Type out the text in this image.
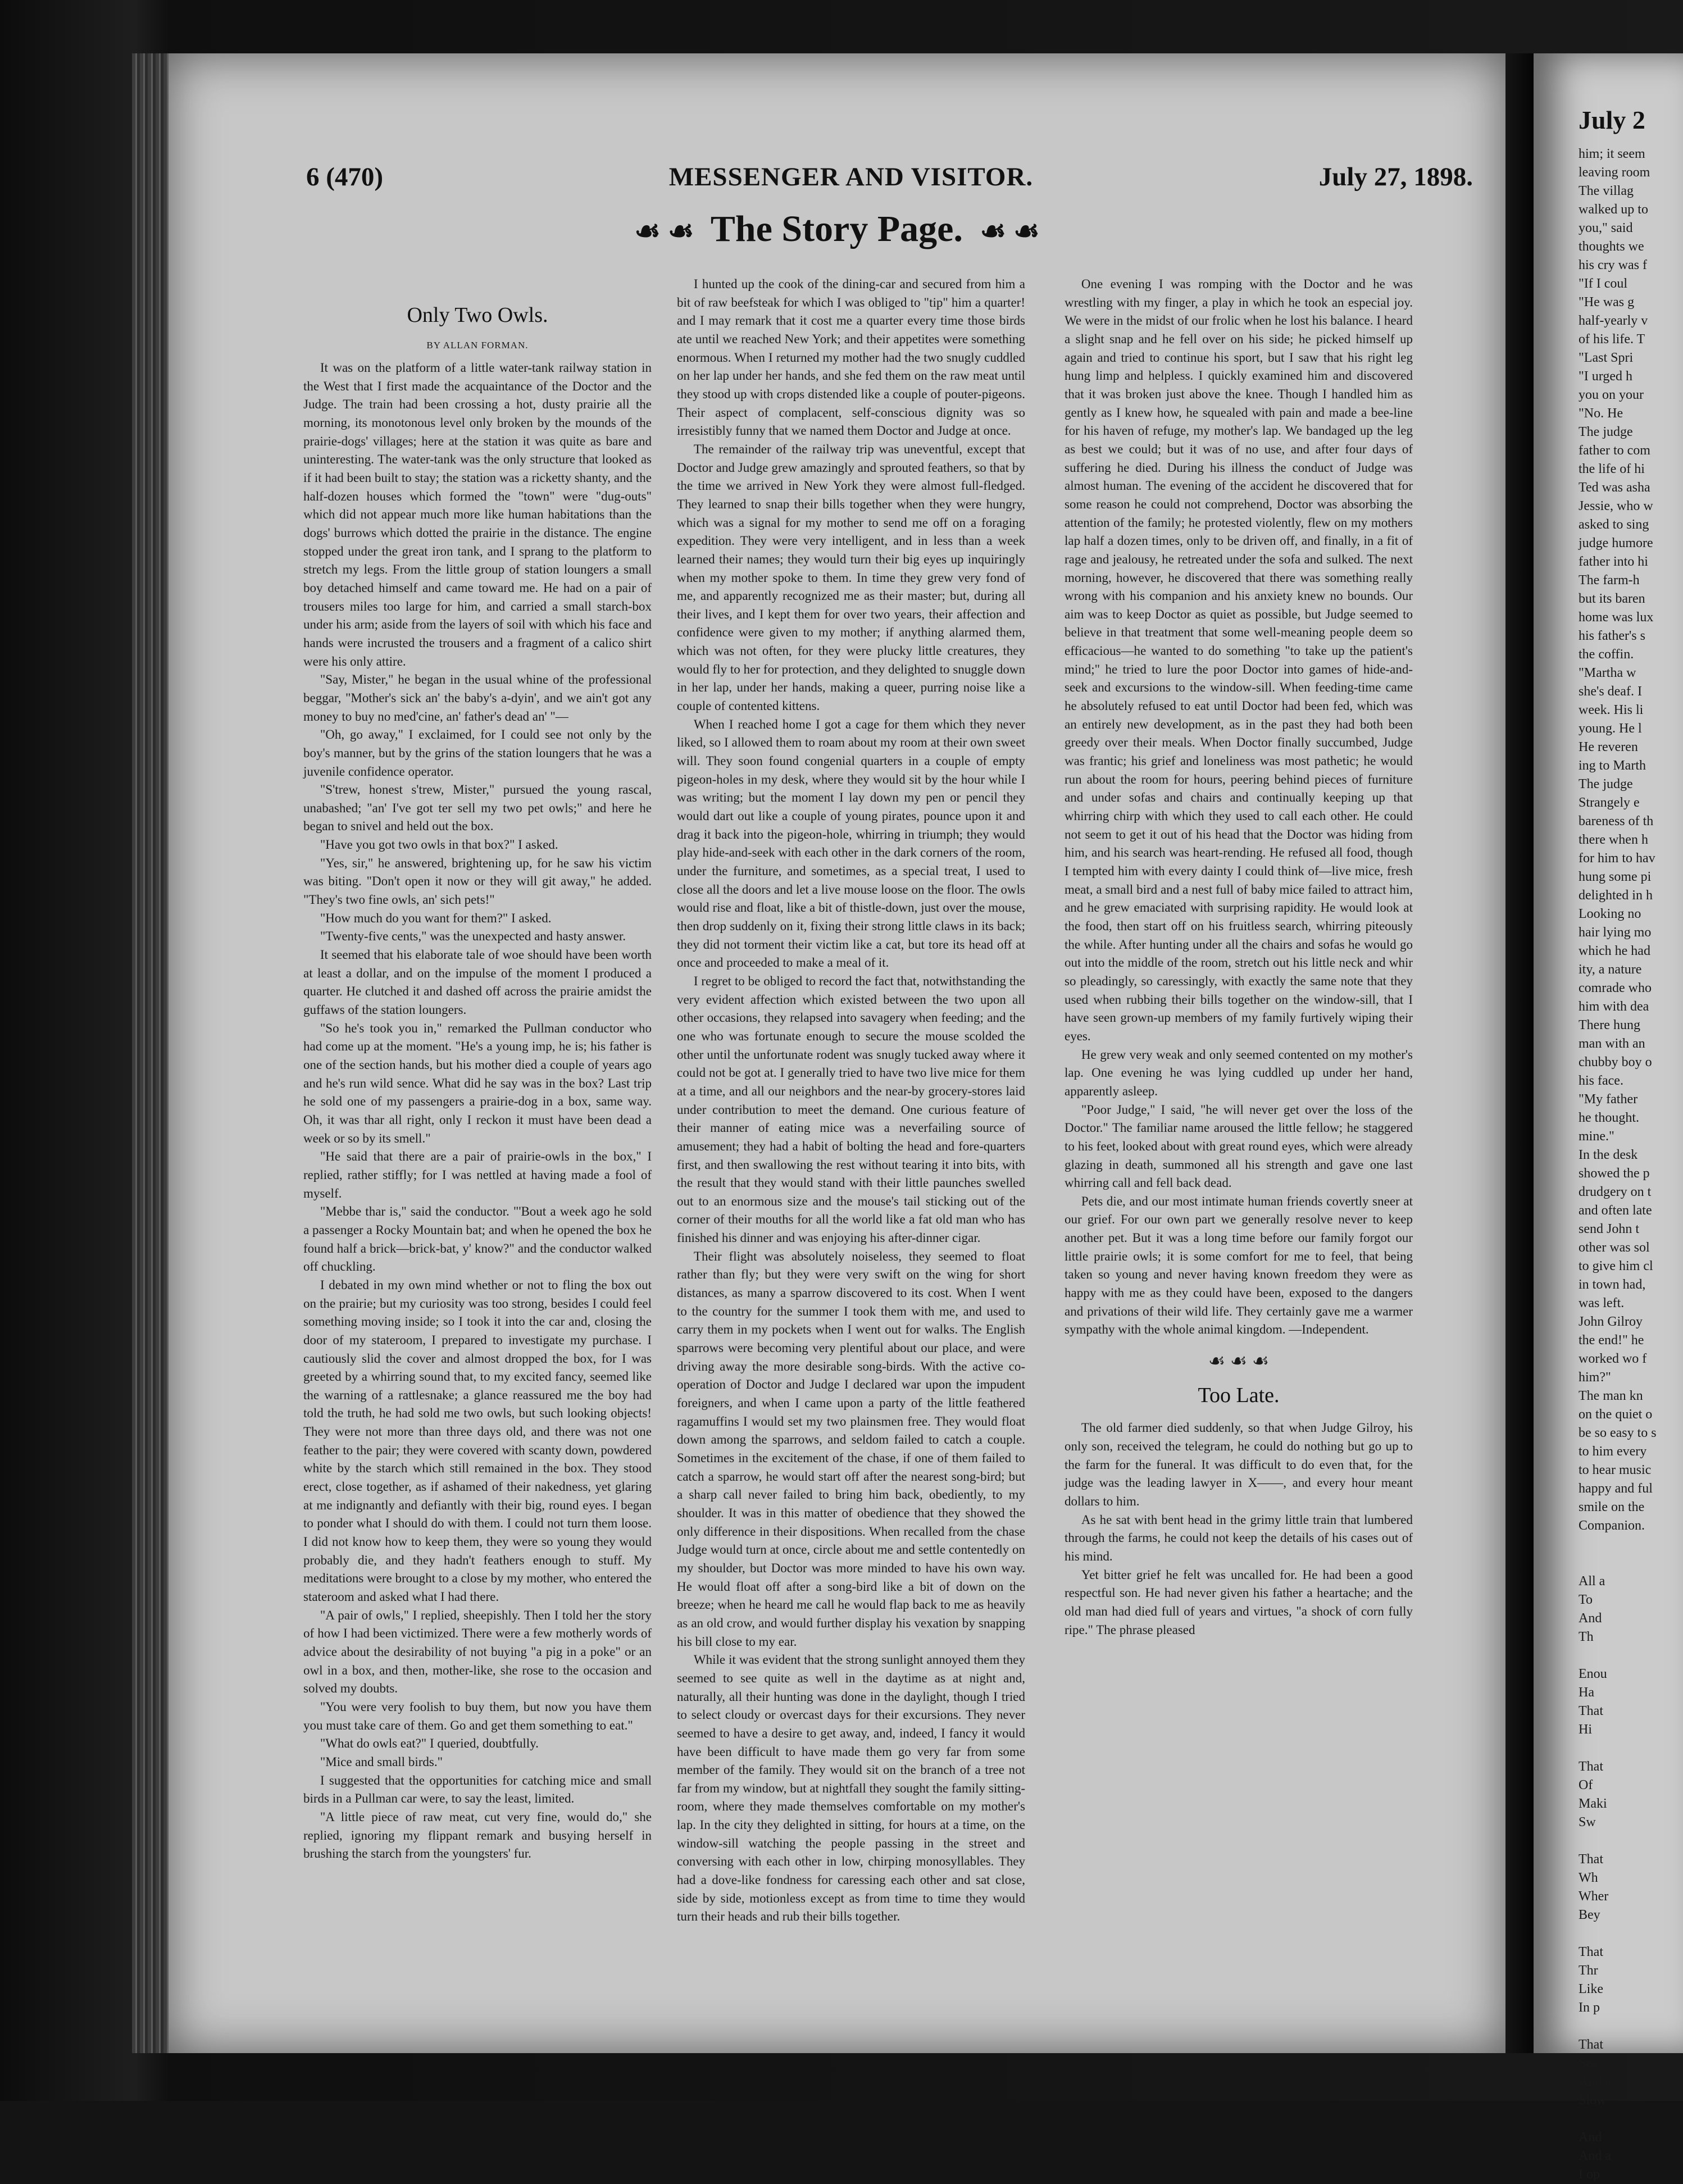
6 (470)	MESSENGER AND VISITOR.	July 27, 1898.
☙ ☙ The Story Page. ☙ ☙
Only Two Owls.
BY ALLAN FORMAN.

It was on the platform of a little water-tank railway station in the West that I first made the acquaintance of the Doctor and the Judge. The train had been crossing a hot, dusty prairie all the morning, its monotonous level only broken by the mounds of the prairie-dogs' villages; here at the station it was quite as bare and uninteresting. The water-tank was the only structure that looked as if it had been built to stay; the station was a ricketty shanty, and the half-dozen houses which formed the "town" were "dug-outs" which did not appear much more like human habitations than the dogs' burrows which dotted the prairie in the distance. The engine stopped under the great iron tank, and I sprang to the platform to stretch my legs. From the little group of station loungers a small boy detached himself and came toward me. He had on a pair of trousers miles too large for him, and carried a small starch-box under his arm; aside from the layers of soil with which his face and hands were incrusted the trousers and a fragment of a calico shirt were his only attire.

"Say, Mister," he began in the usual whine of the professional beggar, "Mother's sick an' the baby's a-dyin', and we ain't got any money to buy no med'cine, an' father's dead an' "—

"Oh, go away," I exclaimed, for I could see not only by the boy's manner, but by the grins of the station loungers that he was a juvenile confidence operator.

"S'trew, honest s'trew, Mister," pursued the young rascal, unabashed; "an' I've got ter sell my two pet owls;" and here he began to snivel and held out the box.

"Have you got two owls in that box?" I asked.

"Yes, sir," he answered, brightening up, for he saw his victim was biting. "Don't open it now or they will git away," he added. "They's two fine owls, an' sich pets!"

"How much do you want for them?" I asked.

"Twenty-five cents," was the unexpected and hasty answer.

It seemed that his elaborate tale of woe should have been worth at least a dollar, and on the impulse of the moment I produced a quarter. He clutched it and dashed off across the prairie amidst the guffaws of the station loungers.

"So he's took you in," remarked the Pullman conductor who had come up at the moment. "He's a young imp, he is; his father is one of the section hands, but his mother died a couple of years ago and he's run wild sence. What did he say was in the box? Last trip he sold one of my passengers a prairie-dog in a box, same way. Oh, it was thar all right, only I reckon it must have been dead a week or so by its smell."

"He said that there are a pair of prairie-owls in the box," I replied, rather stiffly; for I was nettled at having made a fool of myself.

"Mebbe thar is," said the conductor. "'Bout a week ago he sold a passenger a Rocky Mountain bat; and when he opened the box he found half a brick—brick-bat, y' know?" and the conductor walked off chuckling.

I debated in my own mind whether or not to fling the box out on the prairie; but my curiosity was too strong, besides I could feel something moving inside; so I took it into the car and, closing the door of my stateroom, I prepared to investigate my purchase. I cautiously slid the cover and almost dropped the box, for I was greeted by a whirring sound that, to my excited fancy, seemed like the warning of a rattlesnake; a glance reassured me the boy had told the truth, he had sold me two owls, but such looking objects! They were not more than three days old, and there was not one feather to the pair; they were covered with scanty down, powdered white by the starch which still remained in the box. They stood erect, close together, as if ashamed of their nakedness, yet glaring at me indignantly and defiantly with their big, round eyes. I began to ponder what I should do with them. I could not turn them loose. I did not know how to keep them, they were so young they would probably die, and they hadn't feathers enough to stuff. My meditations were brought to a close by my mother, who entered the stateroom and asked what I had there.

"A pair of owls," I replied, sheepishly. Then I told her the story of how I had been victimized. There were a few motherly words of advice about the desirability of not buying "a pig in a poke" or an owl in a box, and then, mother-like, she rose to the occasion and solved my doubts.

"You were very foolish to buy them, but now you have them you must take care of them. Go and get them something to eat."

"What do owls eat?" I queried, doubtfully.

"Mice and small birds."

I suggested that the opportunities for catching mice and small birds in a Pullman car were, to say the least, limited.

"A little piece of raw meat, cut very fine, would do," she replied, ignoring my flippant remark and busying herself in brushing the starch from the youngsters' fur.

I hunted up the cook of the dining-car and secured from him a bit of raw beefsteak for which I was obliged to "tip" him a quarter! and I may remark that it cost me a quarter every time those birds ate until we reached New York; and their appetites were something enormous. When I returned my mother had the two snugly cuddled on her lap under her hands, and she fed them on the raw meat until they stood up with crops distended like a couple of pouter-pigeons. Their aspect of complacent, self-conscious dignity was so irresistibly funny that we named them Doctor and Judge at once.

The remainder of the railway trip was uneventful, except that Doctor and Judge grew amazingly and sprouted feathers, so that by the time we arrived in New York they were almost full-fledged. They learned to snap their bills together when they were hungry, which was a signal for my mother to send me off on a foraging expedition. They were very intelligent, and in less than a week learned their names; they would turn their big eyes up inquiringly when my mother spoke to them. In time they grew very fond of me, and apparently recognized me as their master; but, during all their lives, and I kept them for over two years, their affection and confidence were given to my mother; if anything alarmed them, which was not often, for they were plucky little creatures, they would fly to her for protection, and they delighted to snuggle down in her lap, under her hands, making a queer, purring noise like a couple of contented kittens.

When I reached home I got a cage for them which they never liked, so I allowed them to roam about my room at their own sweet will. They soon found congenial quarters in a couple of empty pigeon-holes in my desk, where they would sit by the hour while I was writing; but the moment I lay down my pen or pencil they would dart out like a couple of young pirates, pounce upon it and drag it back into the pigeon-hole, whirring in triumph; they would play hide-and-seek with each other in the dark corners of the room, under the furniture, and sometimes, as a special treat, I used to close all the doors and let a live mouse loose on the floor. The owls would rise and float, like a bit of thistle-down, just over the mouse, then drop suddenly on it, fixing their strong little claws in its back; they did not torment their victim like a cat, but tore its head off at once and proceeded to make a meal of it.

I regret to be obliged to record the fact that, notwithstanding the very evident affection which existed between the two upon all other occasions, they relapsed into savagery when feeding; and the one who was fortunate enough to secure the mouse scolded the other until the unfortunate rodent was snugly tucked away where it could not be got at. I generally tried to have two live mice for them at a time, and all our neighbors and the near-by grocery-stores laid under contribution to meet the demand. One curious feature of their manner of eating mice was a neverfailing source of amusement; they had a habit of bolting the head and fore-quarters first, and then swallowing the rest without tearing it into bits, with the result that they would stand with their little paunches swelled out to an enormous size and the mouse's tail sticking out of the corner of their mouths for all the world like a fat old man who has finished his dinner and was enjoying his after-dinner cigar.

Their flight was absolutely noiseless, they seemed to float rather than fly; but they were very swift on the wing for short distances, as many a sparrow discovered to its cost. When I went to the country for the summer I took them with me, and used to carry them in my pockets when I went out for walks. The English sparrows were becoming very plentiful about our place, and were driving away the more desirable song-birds. With the active co-operation of Doctor and Judge I declared war upon the impudent foreigners, and when I came upon a party of the little feathered ragamuffins I would set my two plainsmen free. They would float down among the sparrows, and seldom failed to catch a couple. Sometimes in the excitement of the chase, if one of them failed to catch a sparrow, he would start off after the nearest song-bird; but a sharp call never failed to bring him back, obediently, to my shoulder. It was in this matter of obedience that they showed the only difference in their dispositions. When recalled from the chase Judge would turn at once, circle about me and settle contentedly on my shoulder, but Doctor was more minded to have his own way. He would float off after a song-bird like a bit of down on the breeze; when he heard me call he would flap back to me as heavily as an old crow, and would further display his vexation by snapping his bill close to my ear.

While it was evident that the strong sunlight annoyed them they seemed to see quite as well in the daytime as at night and, naturally, all their hunting was done in the daylight, though I tried to select cloudy or overcast days for their excursions. They never seemed to have a desire to get away, and, indeed, I fancy it would have been difficult to have made them go very far from some member of the family. They would sit on the branch of a tree not far from my window, but at nightfall they sought the family sitting-room, where they made themselves comfortable on my mother's lap. In the city they delighted in sitting, for hours at a time, on the window-sill watching the people passing in the street and conversing with each other in low, chirping monosyllables. They had a dove-like fondness for caressing each other and sat close, side by side, motionless except as from time to time they would turn their heads and rub their bills together.

One evening I was romping with the Doctor and he was wrestling with my finger, a play in which he took an especial joy. We were in the midst of our frolic when he lost his balance. I heard a slight snap and he fell over on his side; he picked himself up again and tried to continue his sport, but I saw that his right leg hung limp and helpless. I quickly examined him and discovered that it was broken just above the knee. Though I handled him as gently as I knew how, he squealed with pain and made a bee-line for his haven of refuge, my mother's lap. We bandaged up the leg as best we could; but it was of no use, and after four days of suffering he died. During his illness the conduct of Judge was almost human. The evening of the accident he discovered that for some reason he could not comprehend, Doctor was absorbing the attention of the family; he protested violently, flew on my mothers lap half a dozen times, only to be driven off, and finally, in a fit of rage and jealousy, he retreated under the sofa and sulked. The next morning, however, he discovered that there was something really wrong with his companion and his anxiety knew no bounds. Our aim was to keep Doctor as quiet as possible, but Judge seemed to believe in that treatment that some well-meaning people deem so efficacious—he wanted to do something "to take up the patient's mind;" he tried to lure the poor Doctor into games of hide-and-seek and excursions to the window-sill. When feeding-time came he absolutely refused to eat until Doctor had been fed, which was an entirely new development, as in the past they had both been greedy over their meals. When Doctor finally succumbed, Judge was frantic; his grief and loneliness was most pathetic; he would run about the room for hours, peering behind pieces of furniture and under sofas and chairs and continually keeping up that whirring chirp with which they used to call each other. He could not seem to get it out of his head that the Doctor was hiding from him, and his search was heart-rending. He refused all food, though I tempted him with every dainty I could think of—live mice, fresh meat, a small bird and a nest full of baby mice failed to attract him, and he grew emaciated with surprising rapidity. He would look at the food, then start off on his fruitless search, whirring piteously the while. After hunting under all the chairs and sofas he would go out into the middle of the room, stretch out his little neck and whir so pleadingly, so caressingly, with exactly the same note that they used when rubbing their bills together on the window-sill, that I have seen grown-up members of my family furtively wiping their eyes.

He grew very weak and only seemed contented on my mother's lap. One evening he was lying cuddled up under her hand, apparently asleep.

"Poor Judge," I said, "he will never get over the loss of the Doctor." The familiar name aroused the little fellow; he staggered to his feet, looked about with great round eyes, which were already glazing in death, summoned all his strength and gave one last whirring call and fell back dead.

Pets die, and our most intimate human friends covertly sneer at our grief. For our own part we generally resolve never to keep another pet. But it was a long time before our family forgot our little prairie owls; it is some comfort for me to feel, that being taken so young and never having known freedom they were as happy with me as they could have been, exposed to the dangers and privations of their wild life. They certainly gave me a warmer sympathy with the whole animal kingdom. —Independent.

☙ ☙ ☙
Too Late.

The old farmer died suddenly, so that when Judge Gilroy, his only son, received the telegram, he could do nothing but go up to the farm for the funeral. It was difficult to do even that, for the judge was the leading lawyer in X——, and every hour meant dollars to him.

As he sat with bent head in the grimy little train that lumbered through the farms, he could not keep the details of his cases out of his mind.

Yet bitter grief he felt was uncalled for. He had been a good respectful son. He had never given his father a heartache; and the old man had died full of years and virtues, "a shock of corn fully ripe." The phrase pleased

July 2
him; it seem
leaving room
The villag
walked up to
you," said
thoughts we
his cry was f
"If I coul
"He was g
half-yearly v
of his life. T
"Last Spri
"I urged h
you on your
"No. He
The judge
father to com
the life of hi
Ted was asha
Jessie, who w
asked to sing
judge humore
father into hi
The farm-h
but its baren
home was lux
his father's s
the coffin.
"Martha w
she's deaf. I
week. His li
young. He l
He reveren
ing to Marth
The judge
Strangely e
bareness of th
there when h
for him to hav
hung some pi
delighted in h
Looking no
hair lying mo
which he had
ity, a nature
comrade who
him with dea
There hung
man with an
chubby boy o
his face.
"My father
he thought.
mine."
In the desk
showed the p
drudgery on t
and often late
send John t
other was sol
to give him cl
in town had,
was left.
John Gilroy
the end!" he
worked wo f
him?"
The man kn
on the quiet o
be so easy to s
to him every
to hear music
happy and ful
smile on the
Companion.

All a
To
And
Th

Enou
Ha
That
Hi

That
Of
Maki
Sw

That
Wh
Wher
Bey

That
Thr
Like
In p

That
See
And a
Slow

And
And a
I op
